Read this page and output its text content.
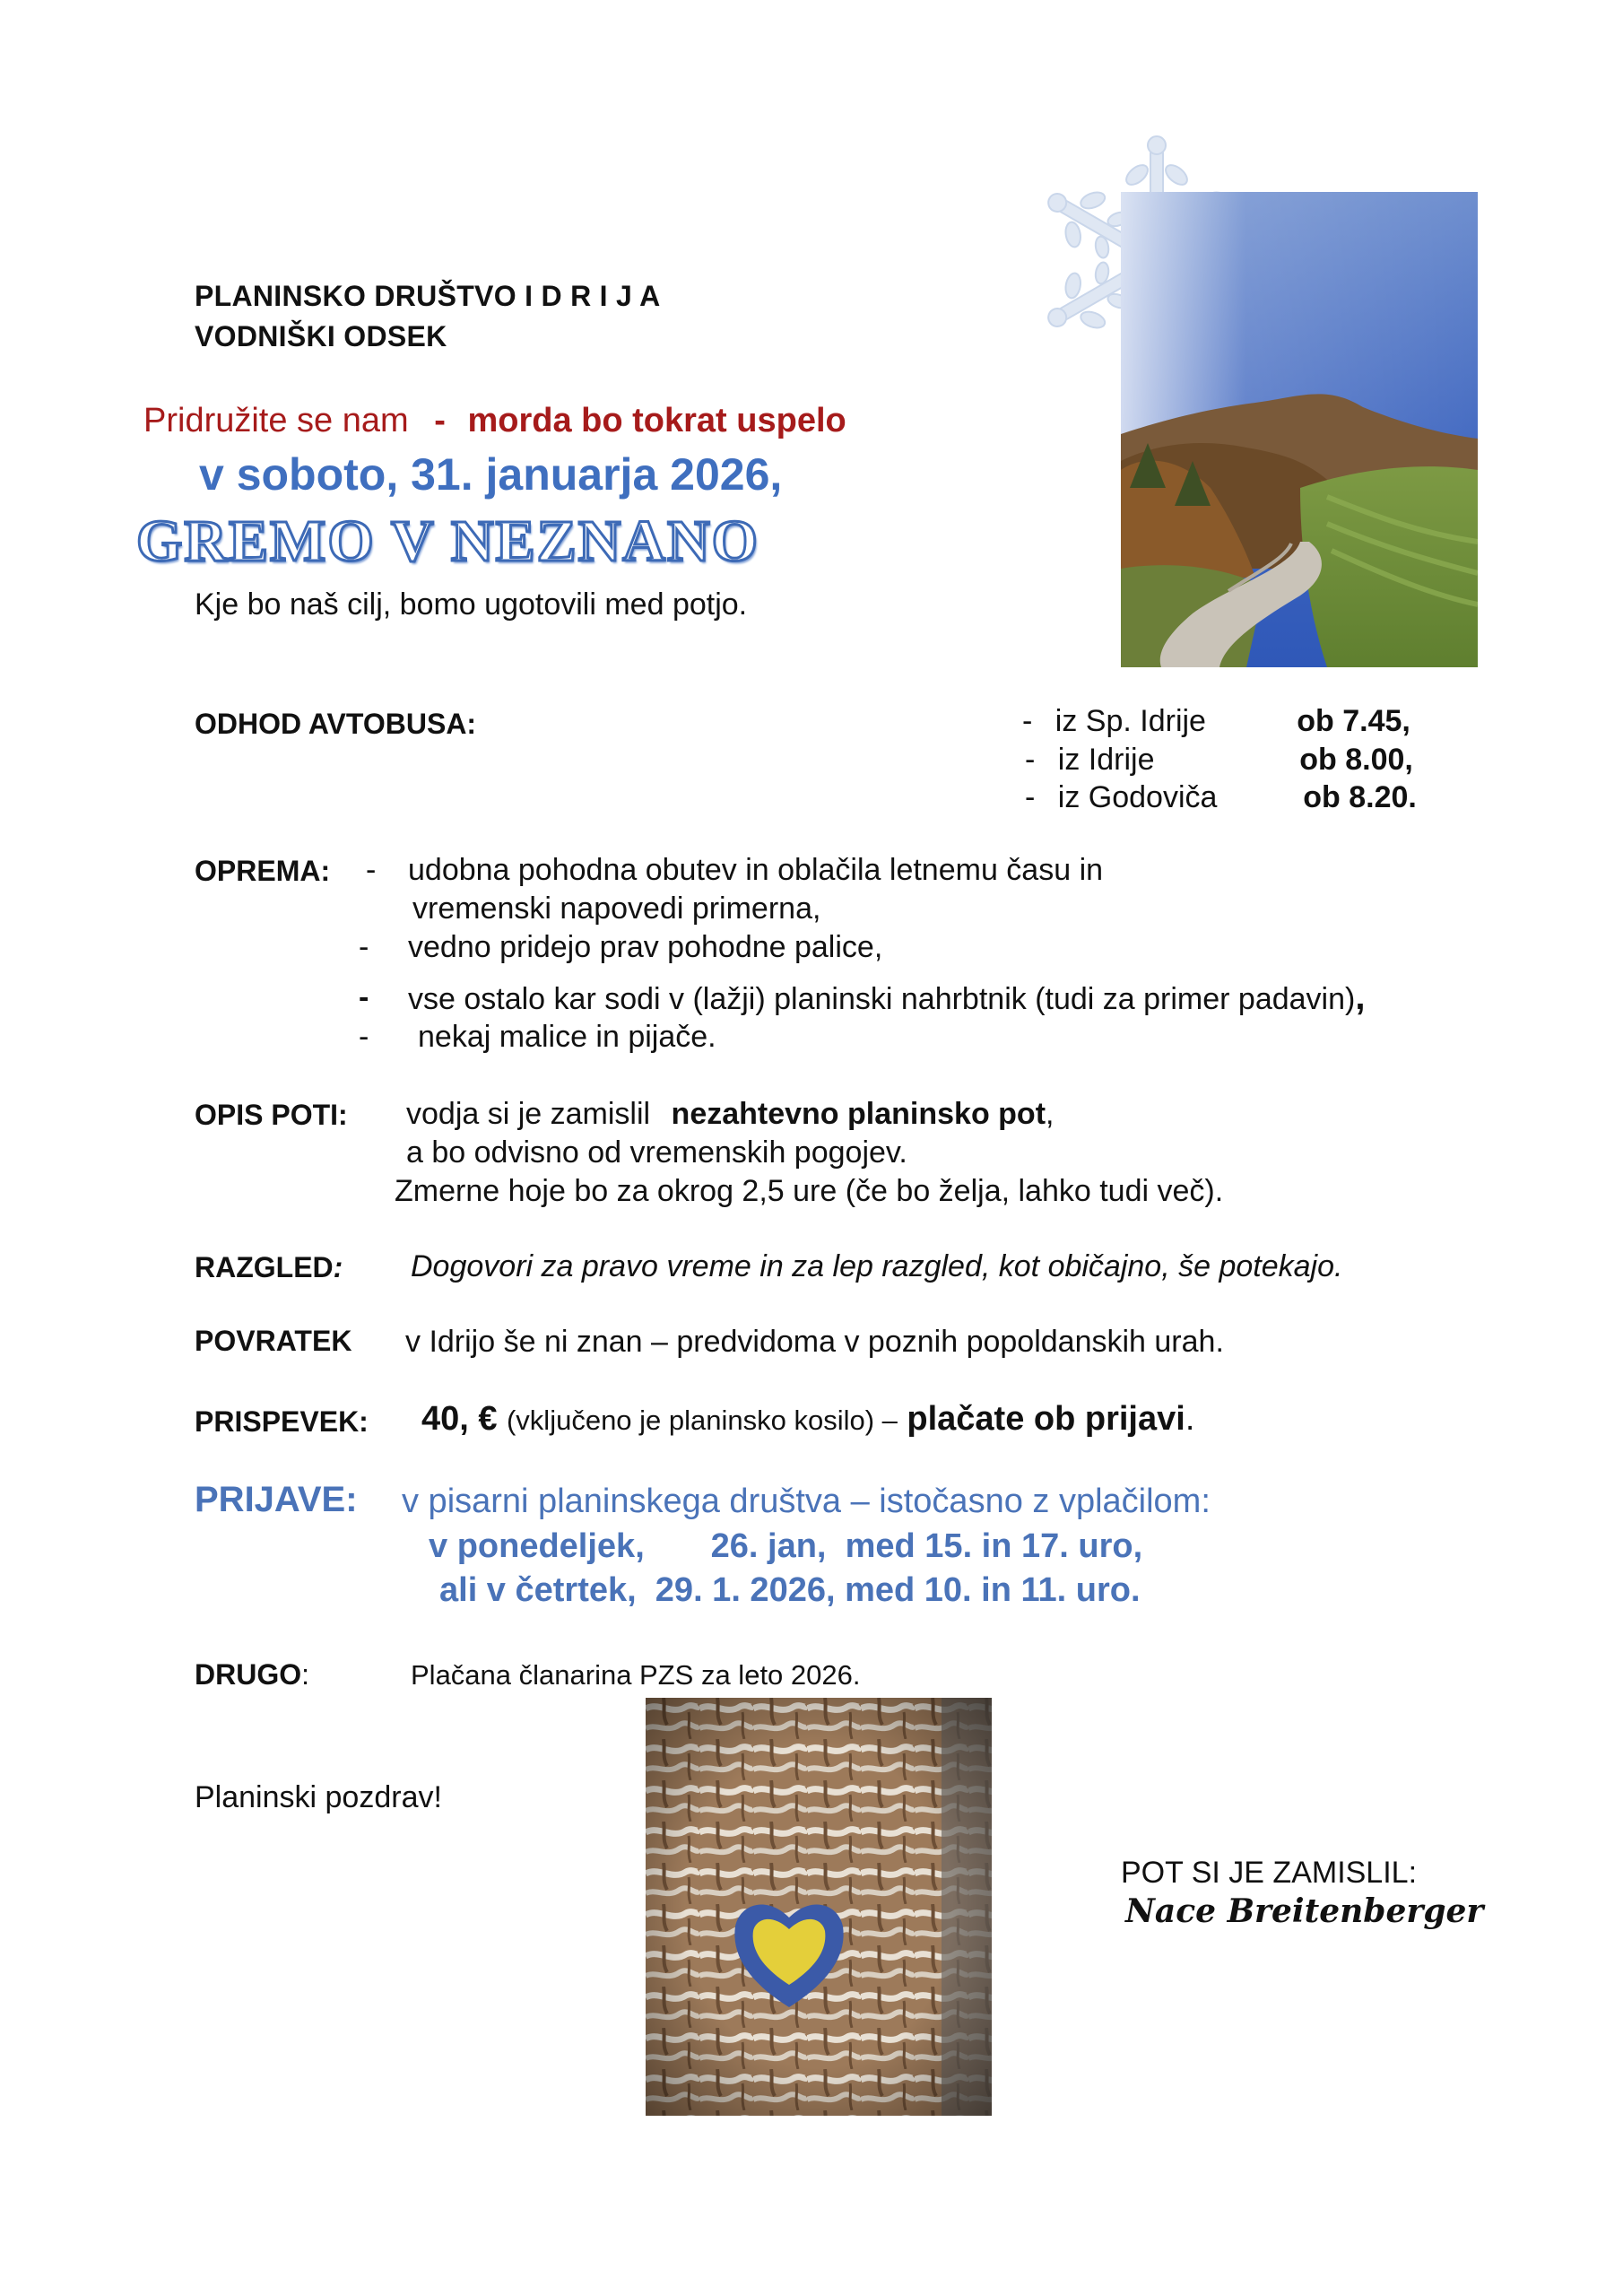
PLANINSKO DRUŠTVO I D R I J A
VODNIŠKI ODSEK
Pridružite se nam - morda bo tokrat uspelo
v soboto, 31. januarja 2026,
GREMO V NEZNANO
Kje bo naš cilj, bomo ugotovili med potjo.
ODHOD AVTOBUSA:	- iz Sp. Idrije	ob 7.45,
- iz Idrije	ob 8.00,
- iz Godoviča	ob 8.20.
OPREMA: - udobna pohodna obutev in oblačila letnemu času in
vremenski napovedi primerna,
- vedno pridejo prav pohodne palice,
- vse ostalo kar sodi v (lažji) planinski nahrbtnik (tudi za primer padavin),
- nekaj malice in pijače.
OPIS POTI: vodja si je zamislil nezahtevno planinsko pot,
a bo odvisno od vremenskih pogojev.
Zmerne hoje bo za okrog 2,5 ure (če bo želja, lahko tudi več).
RAZGLED: Dogovori za pravo vreme in za lep razgled, kot običajno, še potekajo.
POVRATEK v Idrijo še ni znan – predvidoma v poznih popoldanskih urah.
PRISPEVEK: 40, € (vključeno je planinsko kosilo) – plačate ob prijavi.
PRIJAVE: v pisarni planinskega društva – istočasno z vplačilom:
v ponedeljek,       26. jan,  med 15. in 17. uro,
ali v četrtek,  29. 1. 2026, med 10. in 11. uro.
DRUGO:	Plačana članarina PZS za leto 2026.
Planinski pozdrav!
POT SI JE ZAMISLIL:
Nace Breitenberger
